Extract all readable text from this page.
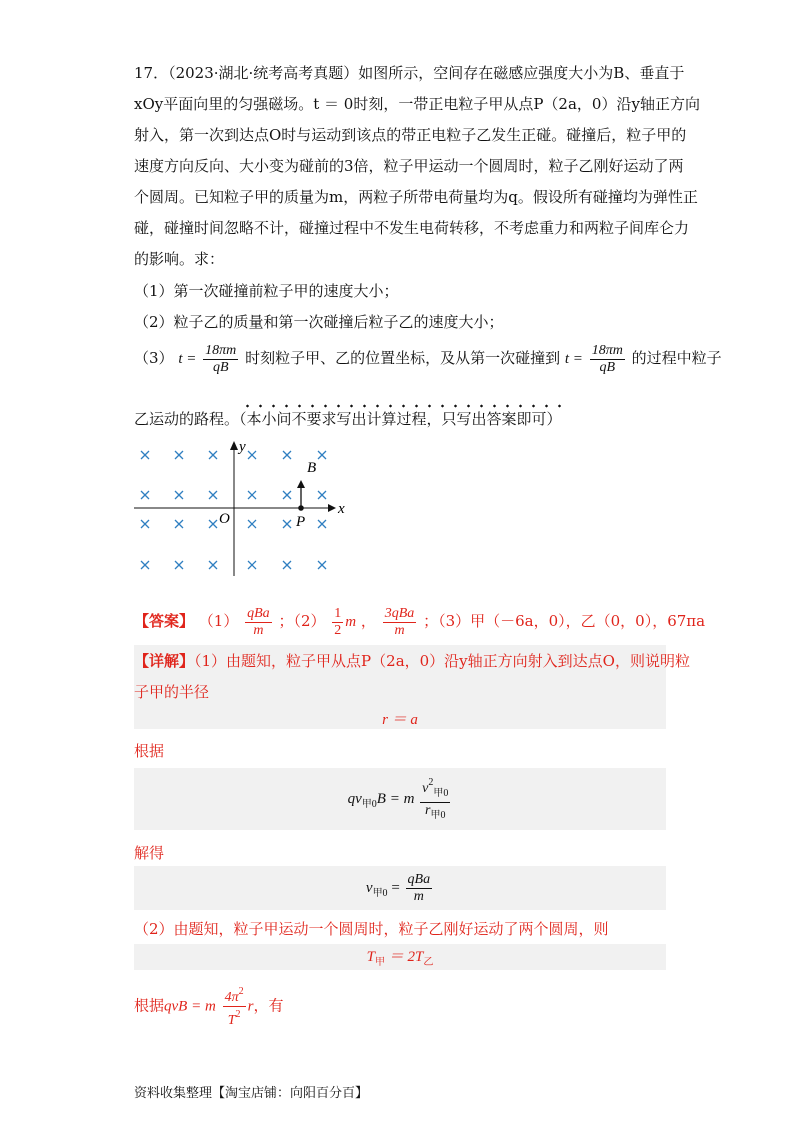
17．（2023·湖北·统考高考真题）如图所示，空间存在磁感应强度大小为B、垂直于
xOy平面向里的匀强磁场。t ＝ 0时刻，一带正电粒子甲从点P（2a，0）沿y轴正方向
射入，第一次到达点O时与运动到该点的带正电粒子乙发生正碰。碰撞后，粒子甲的
速度方向反向、大小变为碰前的3倍，粒子甲运动一个圆周时，粒子乙刚好运动了两
个圆周。已知粒子甲的质量为m，两粒子所带电荷量均为q。假设所有碰撞均为弹性正
碰，碰撞时间忽略不计，碰撞过程中不发生电荷转移，不考虑重力和两粒子间库仑力
的影响。求：
（1）第一次碰撞前粒子甲的速度大小；
（2）粒子乙的质量和第一次碰撞后粒子乙的速度大小；
（3） $t = \frac{18\pi m}{qB}$ 时刻粒子甲、乙的位置坐标，及从第一次碰撞到 $t = \frac{18\pi m}{qB}$ 的过程中粒子
乙运动的路程。（本小问不要求写出计算过程，只写出答案即可）
x
y
O	P
B
【答案】 $(1) \frac{\text{qBa}}{m}$ ；$(2) \frac{1}{2}$ m ， $\frac{\text{3qBa}}{m}$ ；（3）甲（－6a，0），乙（0，0），67πa
【详解】（1）由题知，粒子甲从点P（2a，0）沿y轴正方向射入到达点O，则说明粒
子甲的半径
r ＝ a
根据
$qv_{甲0}B = m \frac{v^2_{甲0}}{r_{甲0}}$
解得
$v_{甲0} = \frac{\text{qBa}}{m}$
（2）由题知，粒子甲运动一个圆周时，粒子乙刚好运动了两个圆周，则
$T_甲 = 2T_乙$
根据qvB = m $\frac{4\pi^2}{T^2}$ r，有
资料收集整理【淘宝店铺：向阳百分百】
